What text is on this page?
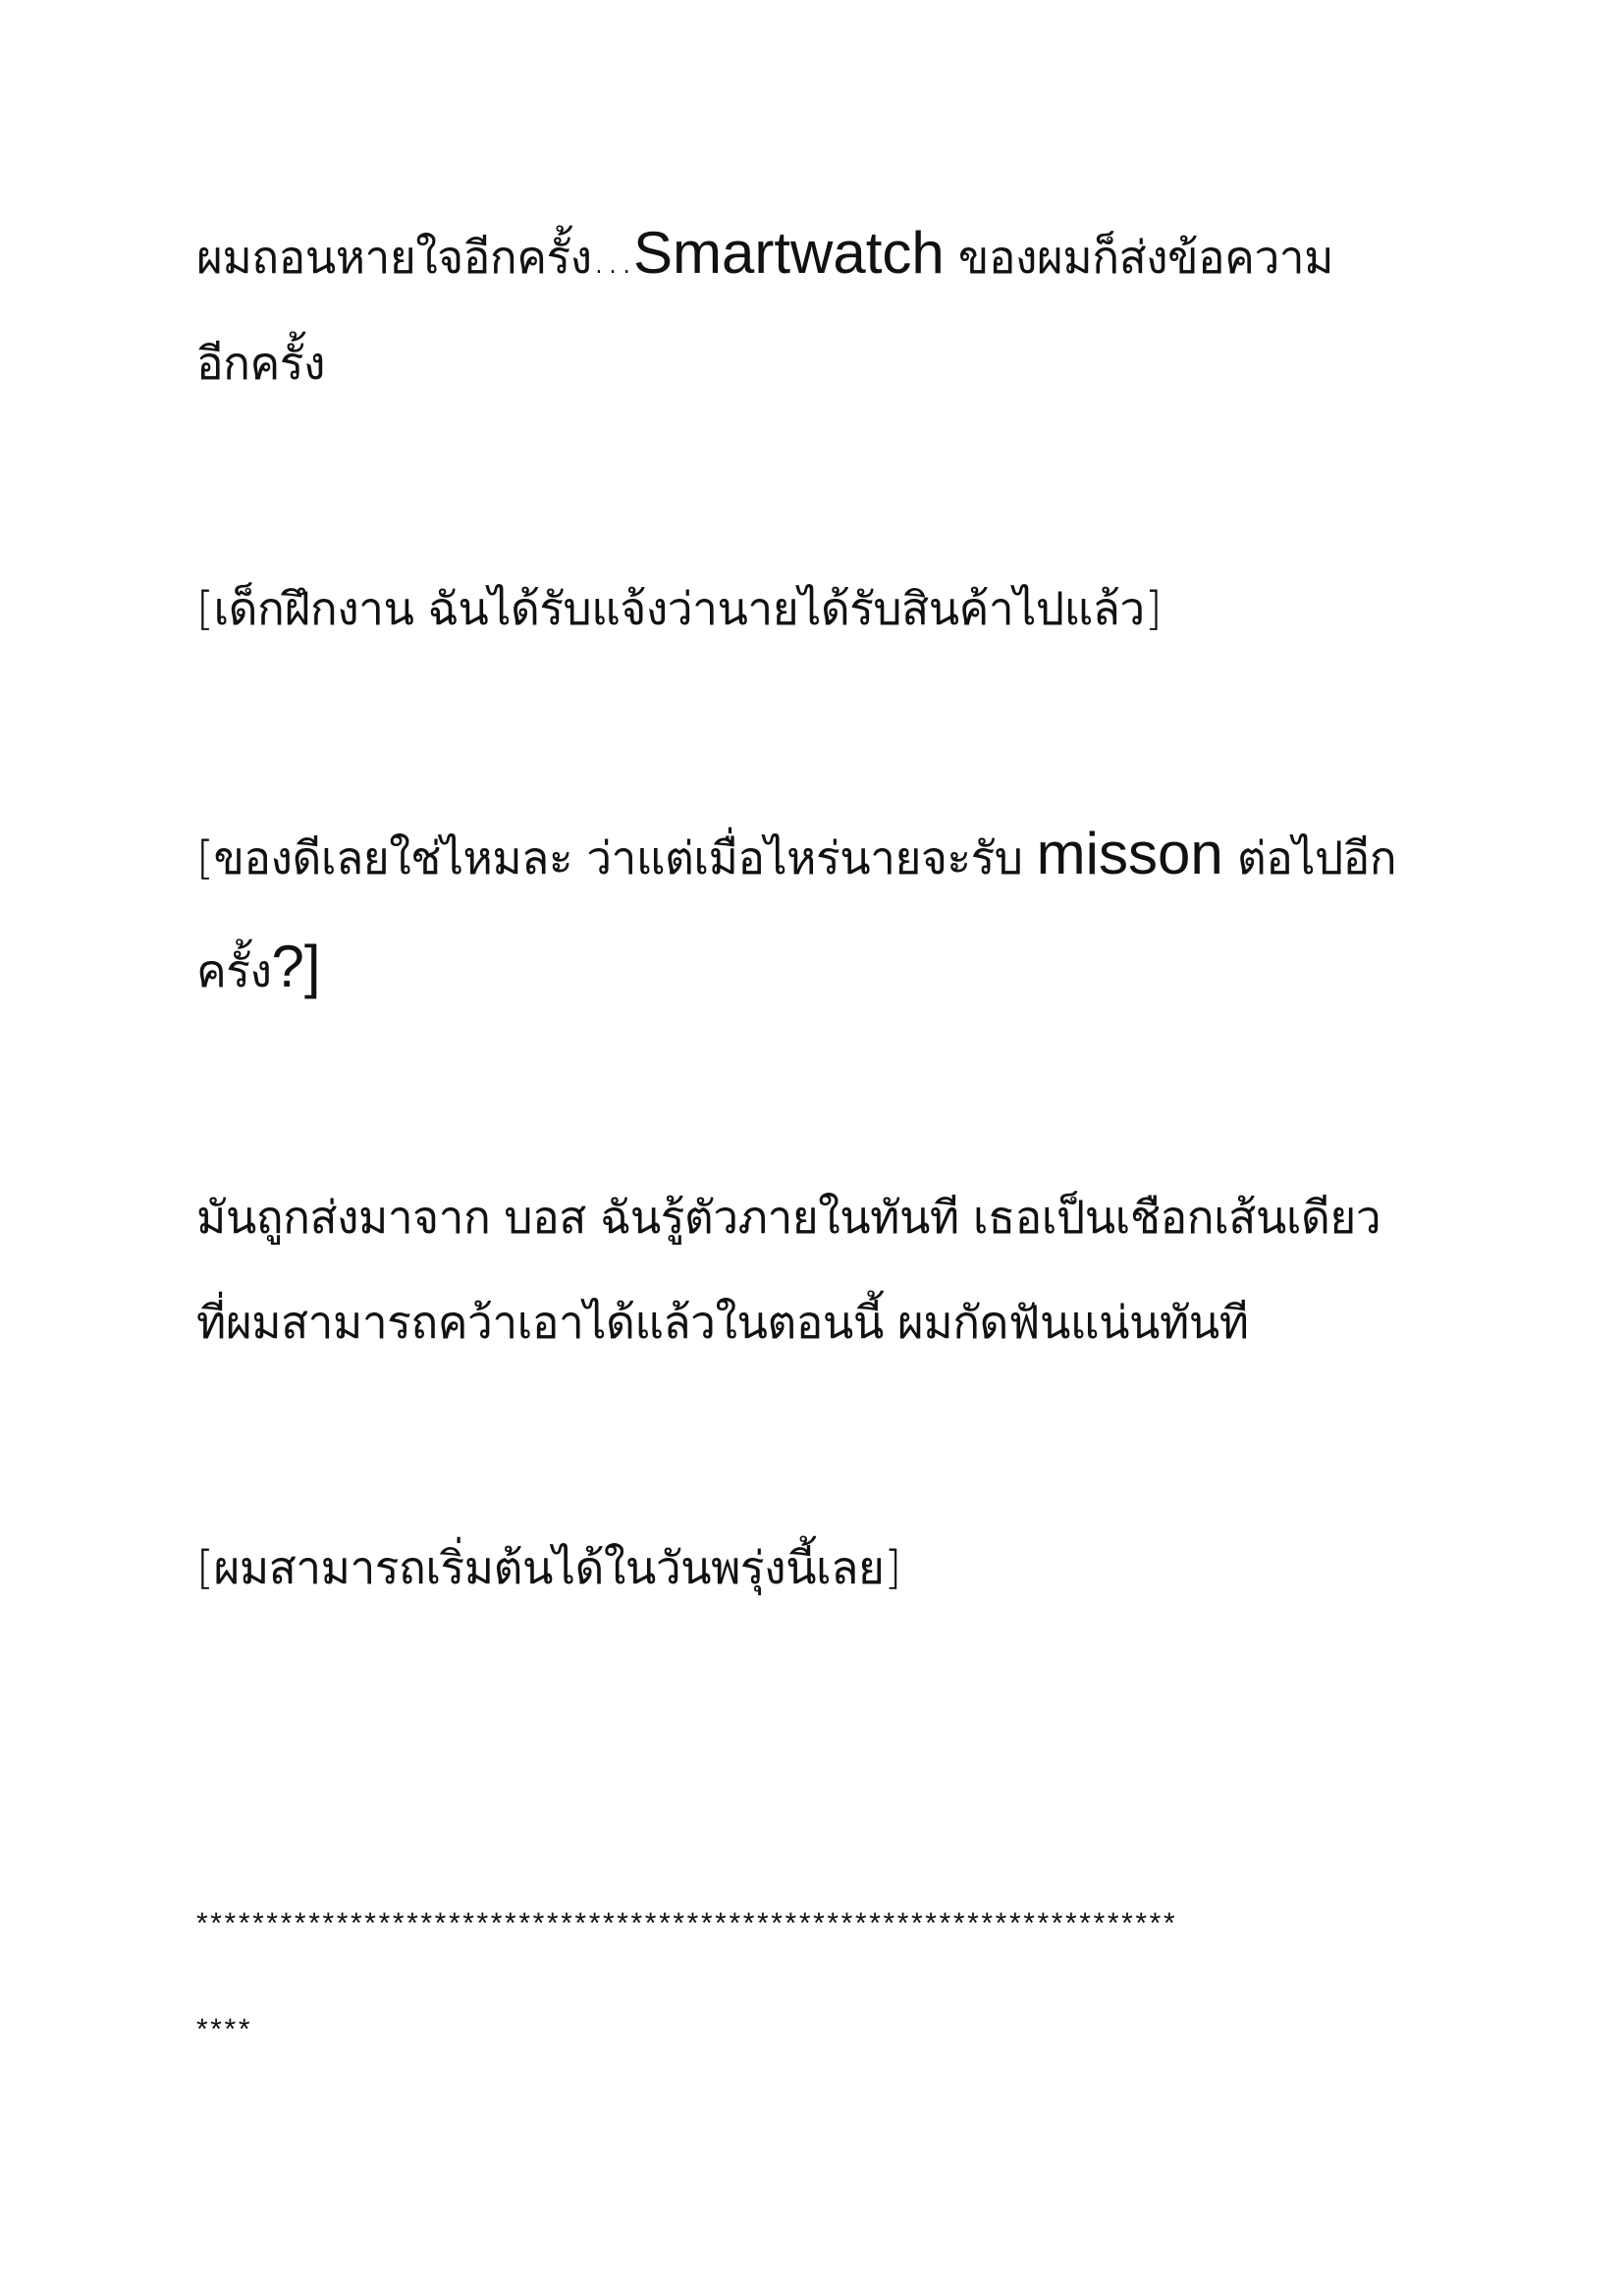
ผมถอนหายใจอีกครั้ง...Smartwatch ของผมก็ส่งข้อความ
อีกครั้ง
[เด็กฝึกงาน ฉันได้รับแจ้งว่านายได้รับสินค้าไปแล้ว]
[ของดีเลยใช่ไหมละ ว่าแต่เมื่อไหร่นายจะรับ misson ต่อไปอีก
ครั้ง?]
มันถูกส่งมาจาก บอส ฉันรู้ตัวภายในทันที เธอเป็นเชือกเส้นเดียว
ที่ผมสามารถคว้าเอาได้แล้วในตอนนี้ ผมกัดฟันแน่นทันที
[ผมสามารถเริ่มต้นได้ในวันพรุ่งนี้เลย]
**********************************************************************
****
